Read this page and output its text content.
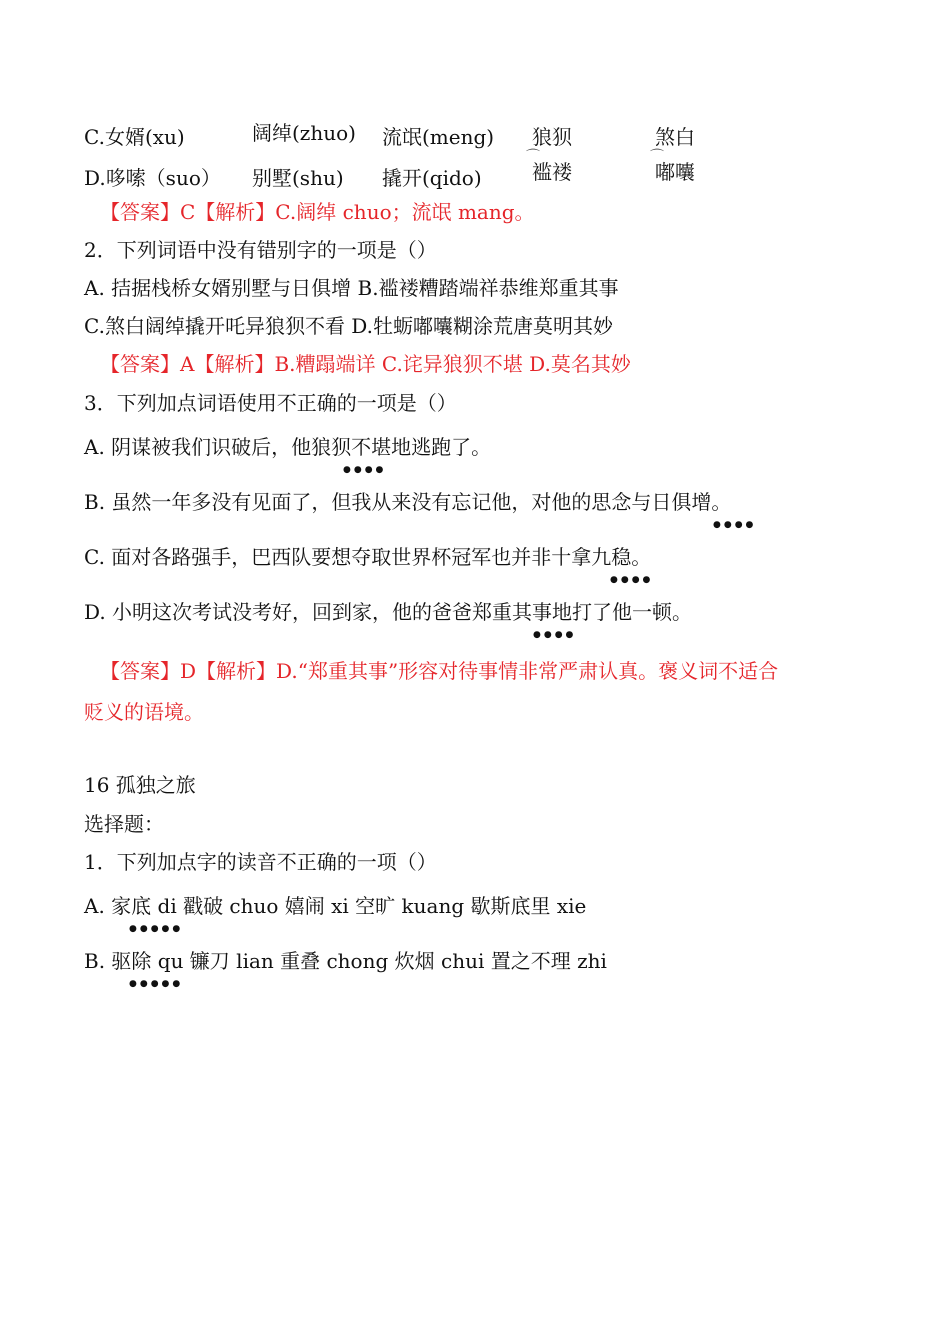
C.女婿(xu)	阔绰(zhuo) 流氓(meng) 狼狈	煞白
D.哆嗦（suo） 别墅(shu) 撬开(qido)
⌒
褴褛
⌒
嘟囔
【答案】C【解析】C.阔绰 chuo；流氓 mang。
2．下列词语中没有错别字的一项是（）
A. 拮据栈桥女婿别墅与日俱增 B.褴褛糟踏端祥恭维郑重其事
C.煞白阔绰撬开吒异狼狈不看 D.牡蛎嘟囔糊涂荒唐莫明其妙
【答案】A【解析】B.糟蹋端详 C.诧异狼狈不堪 D.莫名其妙
3．下列加点词语使用不正确的一项是（）
A. 阴谋被我们识破后，他狼狈不堪地逃跑了。
●●●●
B. 虽然一年多没有见面了，但我从来没有忘记他，对他的思念与日俱增。
●●●●
C. 面对各路强手，巴西队要想夺取世界杯冠军也并非十拿九稳。
●●●●
D. 小明这次考试没考好，回到家，他的爸爸郑重其事地打了他一顿。
●●●●
【答案】D【解析】D.“郑重其事”形容对待事情非常严肃认真。褒义词不适合
贬义的语境。
16 孤独之旅
选择题：
1．下列加点字的读音不正确的一项（）
A. 家底 di 戳破 chuo 嬉闹 xi 空旷 kuang 歇斯底里 xie
●●●●●
B. 驱除 qu 镰刀 lian 重叠 chong 炊烟 chui 置之不理 zhi
●●●●●
